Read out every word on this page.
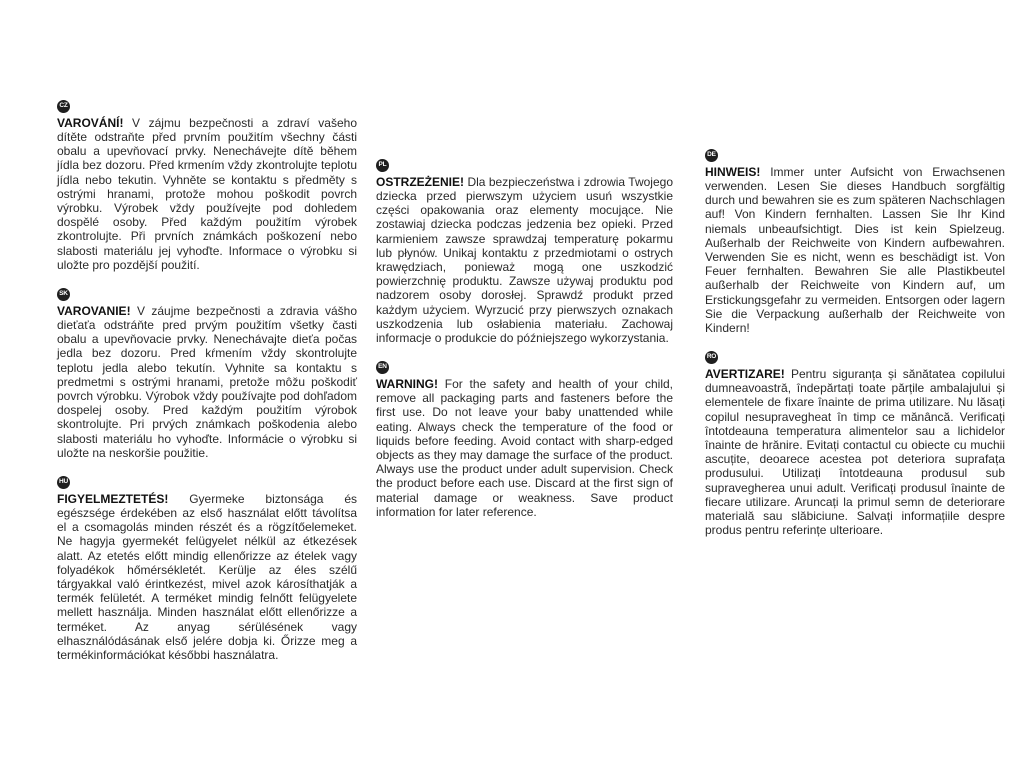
CZ

VAROVÁNÍ! V zájmu bezpečnosti a zdraví vašeho dítěte odstraňte před prvním použitím všechny části obalu a upevňovací prvky. Nenechávejte dítě během jídla bez dozoru. Před krmením vždy zkontrolujte teplotu jídla nebo tekutin. Vyhněte se kontaktu s předměty s ostrými hranami, protože mohou poškodit povrch výrobku. Výrobek vždy používejte pod dohledem dospělé osoby. Před každým použitím výrobek zkontrolujte. Při prvních známkách poškození nebo slabosti materiálu jej vyhoďte. Informace o výrobku si uložte pro pozdější použití.

SK

VAROVANIE! V záujme bezpečnosti a zdravia vášho dieťaťa odstráňte pred prvým použitím všetky časti obalu a upevňovacie prvky. Nenechávajte dieťa počas jedla bez dozoru. Pred kŕmením vždy skontrolujte teplotu jedla alebo tekutín. Vyhnite sa kontaktu s predmetmi s ostrými hranami, pretože môžu poškodiť povrch výrobku. Výrobok vždy používajte pod dohľadom dospelej osoby. Pred každým použitím výrobok skontrolujte. Pri prvých známkach poškodenia alebo slabosti materiálu ho vyhoďte. Informácie o výrobku si uložte na neskoršie použitie.

HU

FIGYELMEZTETÉS! Gyermeke biztonsága és egészsége érdekében az első használat előtt távolítsa el a csomagolás minden részét és a rögzítőelemeket. Ne hagyja gyermekét felügyelet nélkül az étkezések alatt. Az etetés előtt mindig ellenőrizze az ételek vagy folyadékok hőmérsékletét. Kerülje az éles szélű tárgyakkal való érintkezést, mivel azok károsíthatják a termék felületét. A terméket mindig felnőtt felügyelete mellett használja. Minden használat előtt ellenőrizze a terméket. Az anyag sérülésének vagy elhasználódásának első jelére dobja ki. Őrizze meg a termékinformációkat későbbi használatra.

PL

OSTRZEŻENIE! Dla bezpieczeństwa i zdrowia Twojego dziecka przed pierwszym użyciem usuń wszystkie części opakowania oraz elementy mocujące. Nie zostawiaj dziecka podczas jedzenia bez opieki. Przed karmieniem zawsze sprawdzaj temperaturę pokarmu lub płynów. Unikaj kontaktu z przedmiotami o ostrych krawędziach, ponieważ mogą one uszkodzić powierzchnię produktu. Zawsze używaj produktu pod nadzorem osoby dorosłej. Sprawdź produkt przed każdym użyciem. Wyrzucić przy pierwszych oznakach uszkodzenia lub osłabienia materiału. Zachowaj informacje o produkcie do późniejszego wykorzystania.

EN

WARNING! For the safety and health of your child, remove all packaging parts and fasteners before the first use. Do not leave your baby unattended while eating. Always check the temperature of the food or liquids before feeding. Avoid contact with sharp-edged objects as they may damage the surface of the product. Always use the product under adult supervision. Check the product before each use. Discard at the first sign of material damage or weakness. Save product information for later reference.

DE

HINWEIS! Immer unter Aufsicht von Erwachsenen verwenden. Lesen Sie dieses Handbuch sorgfältig durch und bewahren sie es zum späteren Nachschlagen auf! Von Kindern fernhalten. Lassen Sie Ihr Kind niemals unbeaufsichtigt. Dies ist kein Spielzeug. Außerhalb der Reichweite von Kindern aufbewahren. Verwenden Sie es nicht, wenn es beschädigt ist. Von Feuer fernhalten. Bewahren Sie alle Plastikbeutel außerhalb der Reichweite von Kindern auf, um Erstickungsgefahr zu vermeiden. Entsorgen oder lagern Sie die Verpackung außerhalb der Reichweite von Kindern!

RO

AVERTIZARE! Pentru siguranța și sănătatea copilului dumneavoastră, îndepărtați toate părțile ambalajului și elementele de fixare înainte de prima utilizare. Nu lăsați copilul nesupravegheat în timp ce mănâncă. Verificați întotdeauna temperatura alimentelor sau a lichidelor înainte de hrănire. Evitați contactul cu obiecte cu muchii ascuțite, deoarece acestea pot deteriora suprafața produsului. Utilizați întotdeauna produsul sub supravegherea unui adult. Verificați produsul înainte de fiecare utilizare. Aruncați la primul semn de deteriorare materială sau slăbiciune. Salvați informațiile despre produs pentru referințe ulterioare.
